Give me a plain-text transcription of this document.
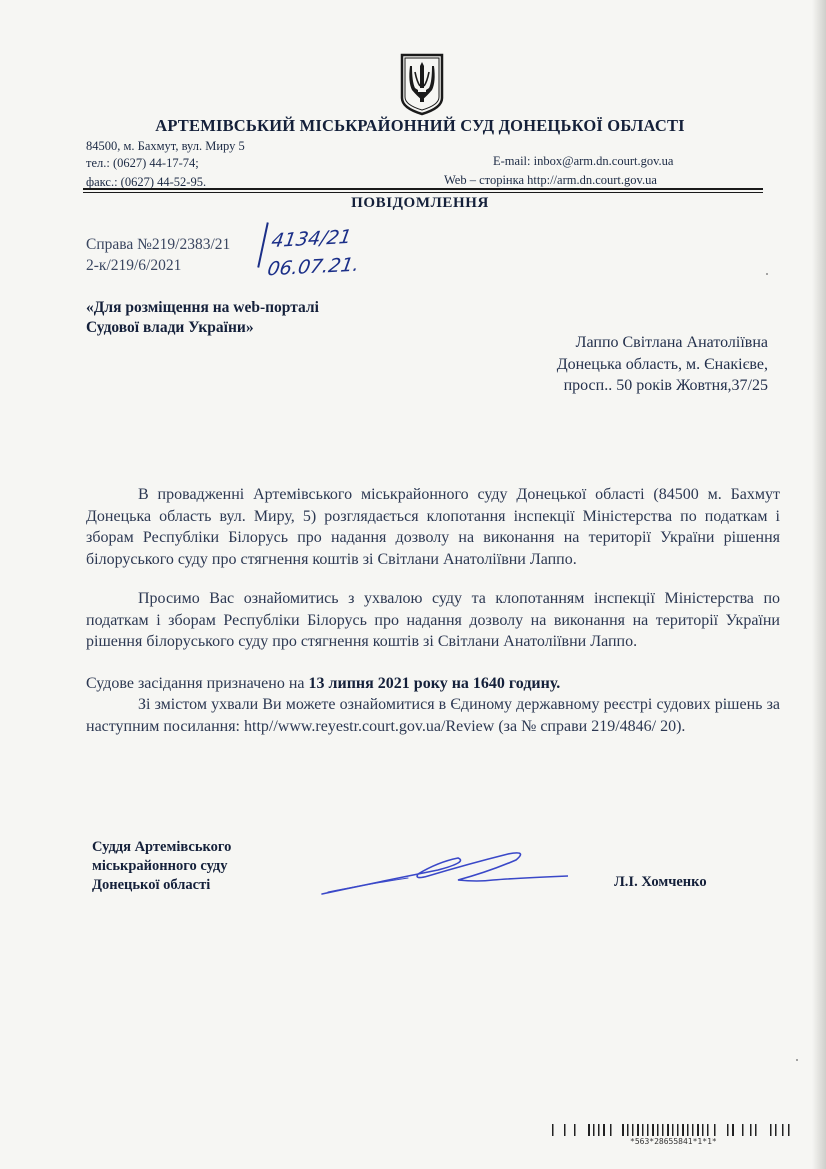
АРТЕМІВСЬКИЙ МІСЬКРАЙОННИЙ СУД ДОНЕЦЬКОЇ ОБЛАСТІ
84500, м. Бахмут, вул. Миру 5
тел.: (0627) 44-17-74;
факс.: (0627) 44-52-95.
E-mail: inbox@arm.dn.court.gov.ua
Web – сторінка http://arm.dn.court.gov.ua
ПОВІДОМЛЕННЯ
Справа №219/2383/21
2-к/219/6/2021
4134/21
06.07.21.
«Для розміщення на web-порталі
Судової влади України»
Лаппо Світлана Анатоліївна
Донецька область, м. Єнакієве,
просп.. 50 років Жовтня,37/25

В провадженні Артемівського міськрайонного суду Донецької області (84500 м. Бахмут Донецька область вул. Миру, 5) розглядається клопотання інспекції Міністерства по податкам і зборам Республіки Білорусь про надання дозволу на виконання на території України рішення білоруського суду про стягнення коштів зі Світлани Анатоліївни Лаппо.

Просимо Вас ознайомитись з ухвалою суду та клопотанням інспекції Міністерства по податкам і зборам Республіки Білорусь про надання дозволу на виконання на території України рішення білоруського суду про стягнення коштів зі Світлани Анатоліївни Лаппо.

Судове засідання призначено на 13 липня 2021 року на 1640 годину.

Зі змістом ухвали Ви можете ознайомитися в Єдиному державному реєстрі судових рішень за наступним посилання: http//www.reyestr.court.gov.ua/Review (за № справи 219/4846/ 20).

Суддя Артемівського
міськрайонного суду
Донецької області	Л.І. Хомченко
*563*28655841*1*1*
